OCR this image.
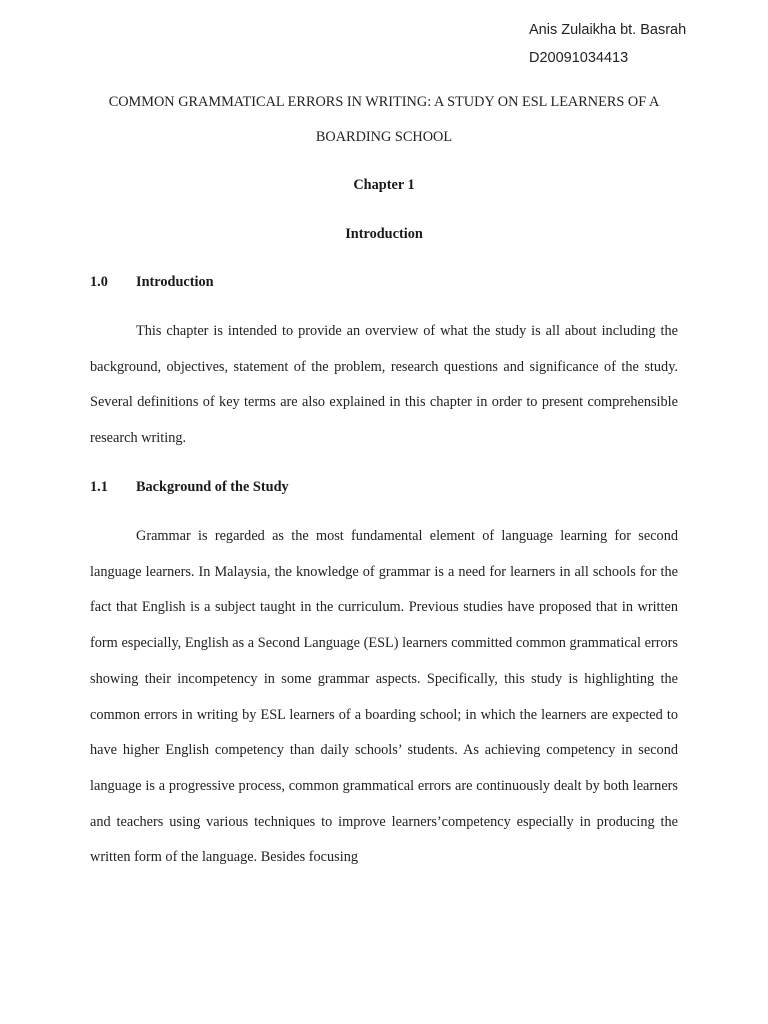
Anis Zulaikha bt. Basrah
D20091034413
COMMON GRAMMATICAL ERRORS IN WRITING: A STUDY ON ESL LEARNERS OF A BOARDING SCHOOL
Chapter 1
Introduction
1.0 Introduction

This chapter is intended to provide an overview of what the study is all about including the background, objectives, statement of the problem, research questions and significance of the study. Several definitions of key terms are also explained in this chapter in order to present comprehensible research writing.

1.1 Background of the Study

Grammar is regarded as the most fundamental element of language learning for second language learners. In Malaysia, the knowledge of grammar is a need for learners in all schools for the fact that English is a subject taught in the curriculum. Previous studies have proposed that in written form especially, English as a Second Language (ESL) learners committed common grammatical errors showing their incompetency in some grammar aspects. Specifically, this study is highlighting the common errors in writing by ESL learners of a boarding school; in which the learners are expected to have higher English competency than daily schools’ students. As achieving competency in second language is a progressive process, common grammatical errors are continuously dealt by both learners and teachers using various techniques to improve learners’competency especially in producing the written form of the language. Besides focusing
